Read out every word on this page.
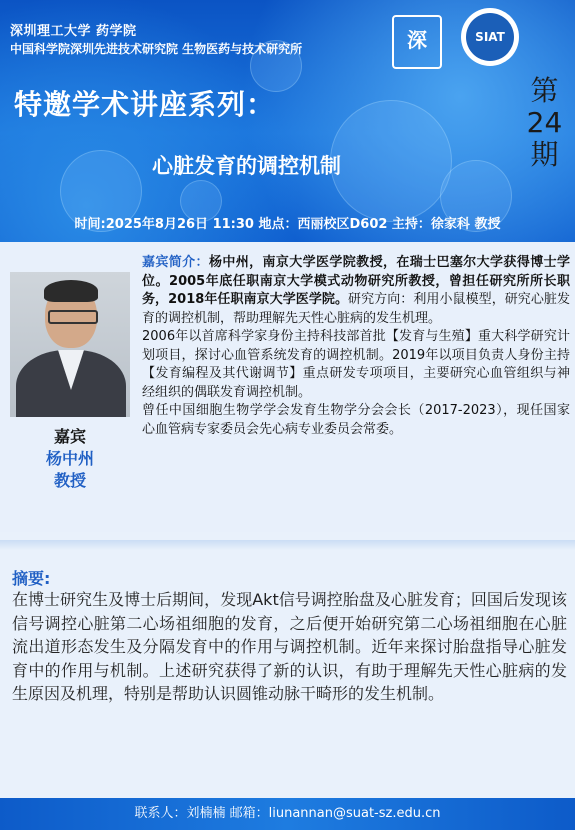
深圳理工大学 药学院
中国科学院深圳先进技术研究院 生物医药与技术研究所	深	SIAT
特邀学术讲座系列：	第
24
期
心脏发育的调控机制
时间:2025年8月26日 11:30 地点：西丽校区D602 主持：徐家科 教授
嘉宾
杨中州
教授

嘉宾简介：杨中州，南京大学医学院教授，在瑞士巴塞尔大学获得博士学位。2005年底任职南京大学模式动物研究所教授，曾担任研究所所长职务，2018年任职南京大学医学院。研究方向：利用小鼠模型，研究心脏发育的调控机制，帮助理解先天性心脏病的发生机理。

2006年以首席科学家身份主持科技部首批【发育与生殖】重大科学研究计划项目，探讨心血管系统发育的调控机制。2019年以项目负责人身份主持【发育编程及其代谢调节】重点研发专项项目，主要研究心血管组织与神经组织的偶联发育调控机制。

曾任中国细胞生物学学会发育生物学分会会长（2017-2023），现任国家心血管病专家委员会先心病专业委员会常委。

摘要:
在博士研究生及博士后期间，发现Akt信号调控胎盘及心脏发育；回国后发现该信号调控心脏第二心场祖细胞的发育，之后便开始研究第二心场祖细胞在心脏流出道形态发生及分隔发育中的作用与调控机制。近年来探讨胎盘指导心脏发育中的作用与机制。上述研究获得了新的认识，有助于理解先天性心脏病的发生原因及机理，特别是帮助认识圆锥动脉干畸形的发生机制。
联系人：刘楠楠 邮箱：liunannan@suat-sz.edu.cn
